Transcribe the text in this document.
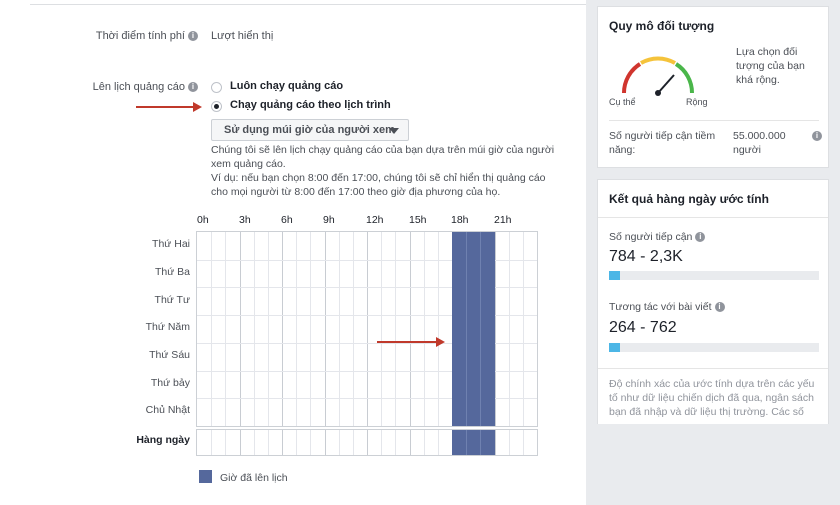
Thời điểm tính phí i	Lượt hiển thị
Lên lịch quảng cáo i	Luôn chạy quảng cáo
Chạy quảng cáo theo lịch trình
Sử dụng múi giờ của người xem
Chúng tôi sẽ lên lịch chạy quảng cáo của bạn dựa trên múi giờ của người xem quảng cáo.
Ví dụ: nếu bạn chọn 8:00 đến 17:00, chúng tôi sẽ chỉ hiển thị quảng cáo cho mọi người từ 8:00 đến 17:00 theo giờ địa phương của họ.
0h	3h	6h	9h	12h 15h 18h 21h
Thứ Hai
Thứ Ba
Thứ Tư
Thứ Năm
Thứ Sáu
Thứ bảy
Chủ Nhật
Hàng ngày
Giờ đã lên lịch
Quy mô đối tượng
Cụ thể	Rộng
Lựa chọn đối tượng của bạn khá rộng.
Số người tiếp cận tiềm năng:
55.000.000 người
i
Kết quả hàng ngày ước tính
Số người tiếp cận i
784 - 2,3K
Tương tác với bài viết i
264 - 762
Độ chính xác của ước tính dựa trên các yếu tố như dữ liệu chiến dịch đã qua, ngân sách bạn đã nhập và dữ liệu thị trường. Các số
